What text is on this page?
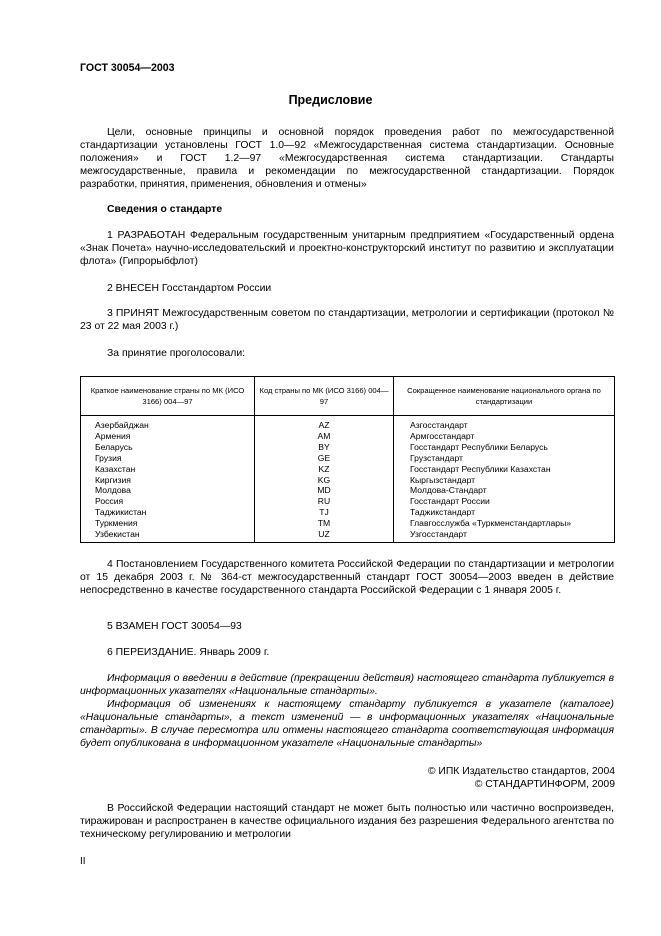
ГОСТ 30054—2003
Предисловие
Цели, основные принципы и основной порядок проведения работ по межгосударственной стандартизации установлены ГОСТ 1.0—92 «Межгосударственная система стандартизации. Основные положения» и ГОСТ 1.2—97 «Межгосударственная система стандартизации. Стандарты межгосударственные, правила и рекомендации по межгосударственной стандартизации. Порядок разработки, принятия, применения, обновления и отмены»
Сведения о стандарте
1 РАЗРАБОТАН Федеральным государственным унитарным предприятием «Государственный ордена «Знак Почета» научно-исследовательский и проектно-конструкторский институт по развитию и эксплуатации флота» (Гипрорыбфлот)
2 ВНЕСЕН Госстандартом России
3 ПРИНЯТ Межгосударственным советом по стандартизации, метрологии и сертификации (протокол № 23 от 22 мая 2003 г.)
За принятие проголосовали:
Краткое наименование страны по МК (ИСО 3166) 004—97	Код страны по МК (ИСО 3166) 004—97	Сокращенное наименование национального органа по стандартизации
Азербайджан	AZ	Азгосстандарт
Армения	AM	Армгосстандарт
Беларусь	BY	Госстандарт Республики Беларусь
Грузия	GE	Грузстандарт
Казахстан	KZ	Госстандарт Республики Казахстан
Киргизия	KG	Кыргызстандарт
Молдова	MD	Молдова-Стандарт
Россия	RU	Госстандарт России
Таджикистан	TJ	Таджикстандарт
Туркмения	TM	Главгосслужба «Туркменстандартлары»
Узбекистан	UZ	Узгосстандарт
4 Постановлением Государственного комитета Российской Федерации по стандартизации и метрологии от 15 декабря 2003 г. № 364-ст межгосударственный стандарт ГОСТ 30054—2003 введен в действие непосредственно в качестве государственного стандарта Российской Федерации с 1 января 2005 г.
5 ВЗАМЕН ГОСТ 30054—93
6 ПЕРЕИЗДАНИЕ. Январь 2009 г.
Информация о введении в действие (прекращении действия) настоящего стандарта публикуется в информационных указателях «Национальные стандарты».
Информация об изменениях к настоящему стандарту публикуется в указателе (каталоге) «Национальные стандарты», а текст изменений — в информационных указателях «Национальные стандарты». В случае пересмотра или отмены настоящего стандарта соответствующая информация будет опубликована в информационном указателе «Национальные стандарты»
© ИПК Издательство стандартов, 2004
© СТАНДАРТИНФОРМ, 2009
В Российской Федерации настоящий стандарт не может быть полностью или частично воспроизведен, тиражирован и распространен в качестве официального издания без разрешения Федерального агентства по техническому регулированию и метрологии
II
